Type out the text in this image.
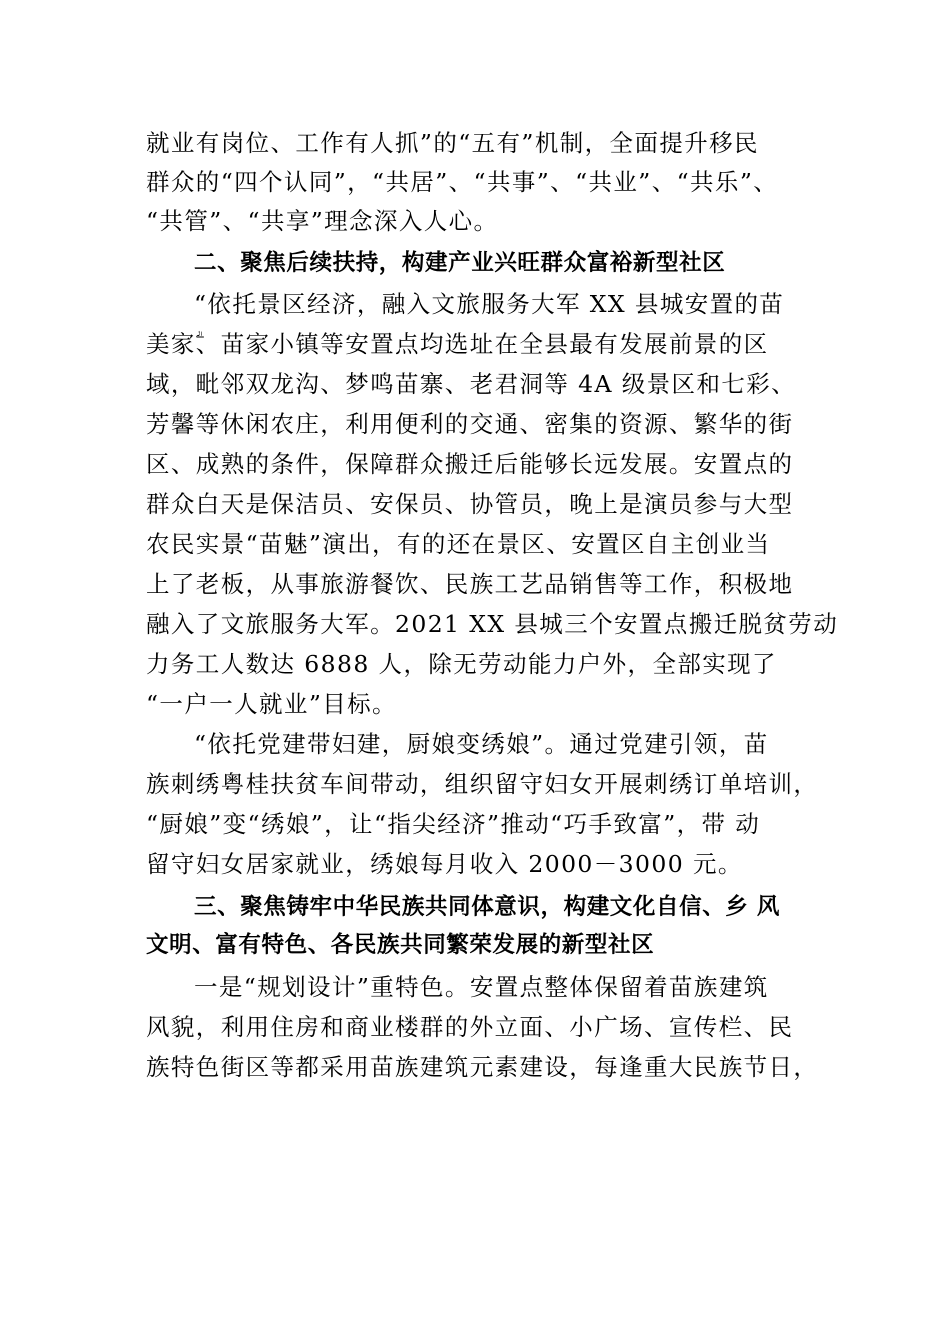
就业有岗位、工作有人抓”的“五有”机制，全面提升移民
群众的“四个认同”，“共居”、“共事”、“共业”、“共乐”、
“共管”、“共享”理念深入人心。
二、聚焦后续扶持，构建产业兴旺群众富裕新型社区
“依托景区经济，融入文旅服务大军 XX 县城安置的苗
美家ؖ、苗家小镇等安置点均选址在全县最有发展前景的区
域，毗邻双龙沟、梦鸣苗寨、老君洞等 4A 级景区和七彩、
芳馨等休闲农庄，利用便利的交通、密集的资源、繁华的街
区、成熟的条件，保障群众搬迁后能够长远发展。安置点的
群众白天是保洁员、安保员、协管员，晚上是演员参与大型
农民实景“苗魅”演出，有的还在景区、安置区自主创业当
上了老板，从事旅游餐饮、民族工艺品销售等工作，积极地
融入了文旅服务大军。2021 XX 县城三个安置点搬迁脱贫劳动
力务工人数达 6888 人，除无劳动能力户外，全部实现了
“一户一人就业”目标。
“依托党建带妇建，厨娘变绣娘”。通过党建引领，苗
族刺绣粤桂扶贫车间带动，组织留守妇女开展刺绣订单培训，
“厨娘”变“绣娘”，让“指尖经济”推动“巧手致富”，带 动
留守妇女居家就业，绣娘每月收入 2000－3000 元。
三、聚焦铸牢中华民族共同体意识，构建文化自信、乡 风
文明、富有特色、各民族共同繁荣发展的新型社区
一是“规划设计”重特色。安置点整体保留着苗族建筑
风貌，利用住房和商业楼群的外立面、小广场、宣传栏、民
族特色街区等都采用苗族建筑元素建设，每逢重大民族节日，
